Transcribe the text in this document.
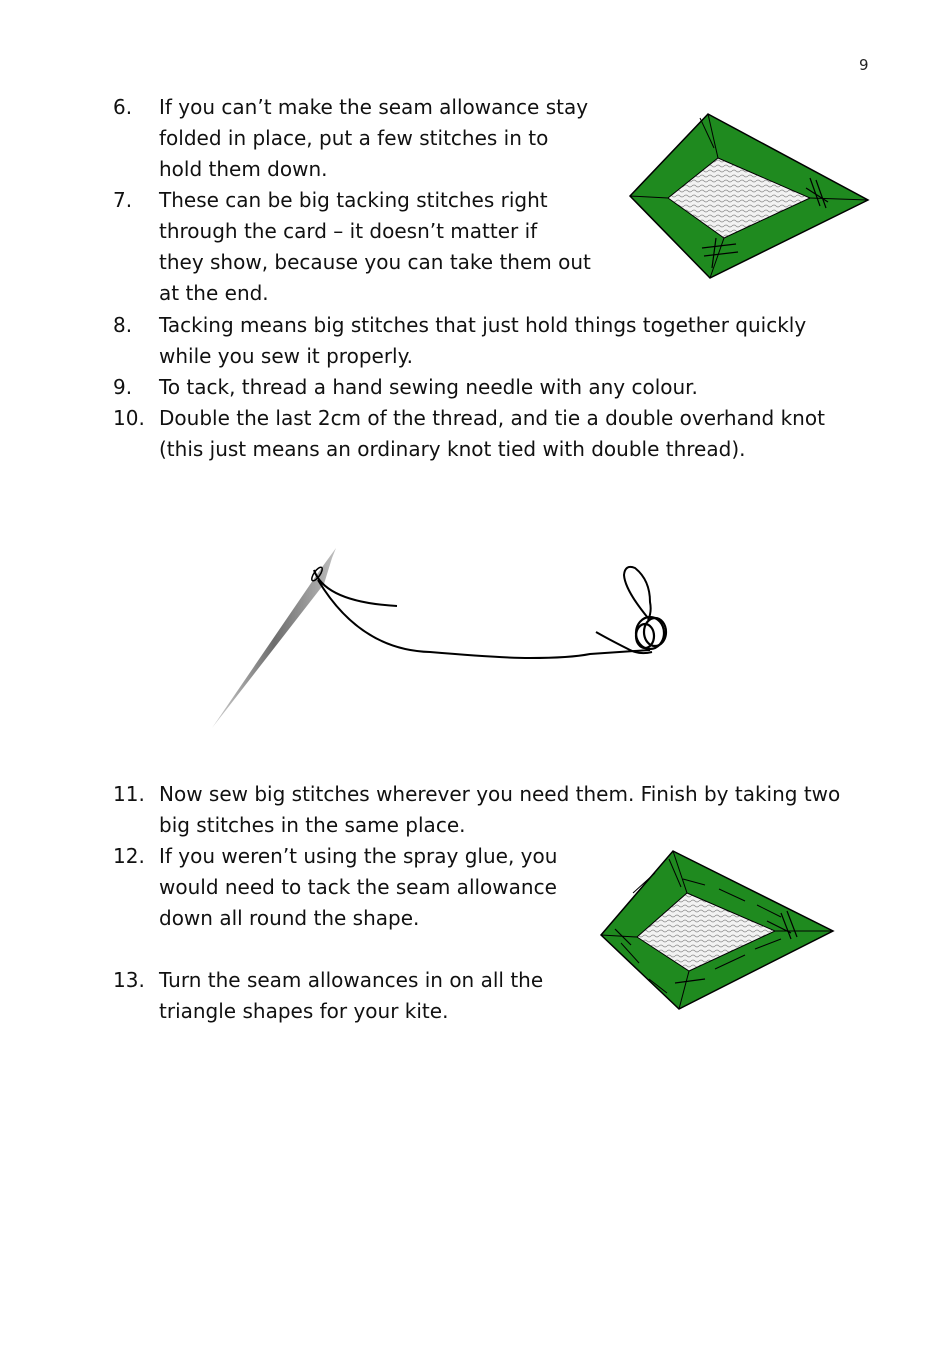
9
6. If you can’t make the seam allowance stay
folded in place, put a few stitches in to
hold them down.
7. These can be big tacking stitches right
through the card – it doesn’t matter if
they show, because you can take them out
at the end.
8. Tacking means big stitches that just hold things together quickly
while you sew it properly.
9. To tack, thread a hand sewing needle with any colour.
10. Double the last 2cm of the thread, and tie a double overhand knot
(this just means an ordinary knot tied with double thread).
11. Now sew big stitches wherever you need them. Finish by taking two
big stitches in the same place.
12. If you weren’t using the spray glue, you
would need to tack the seam allowance
down all round the shape.
13. Turn the seam allowances in on all the
triangle shapes for your kite.
